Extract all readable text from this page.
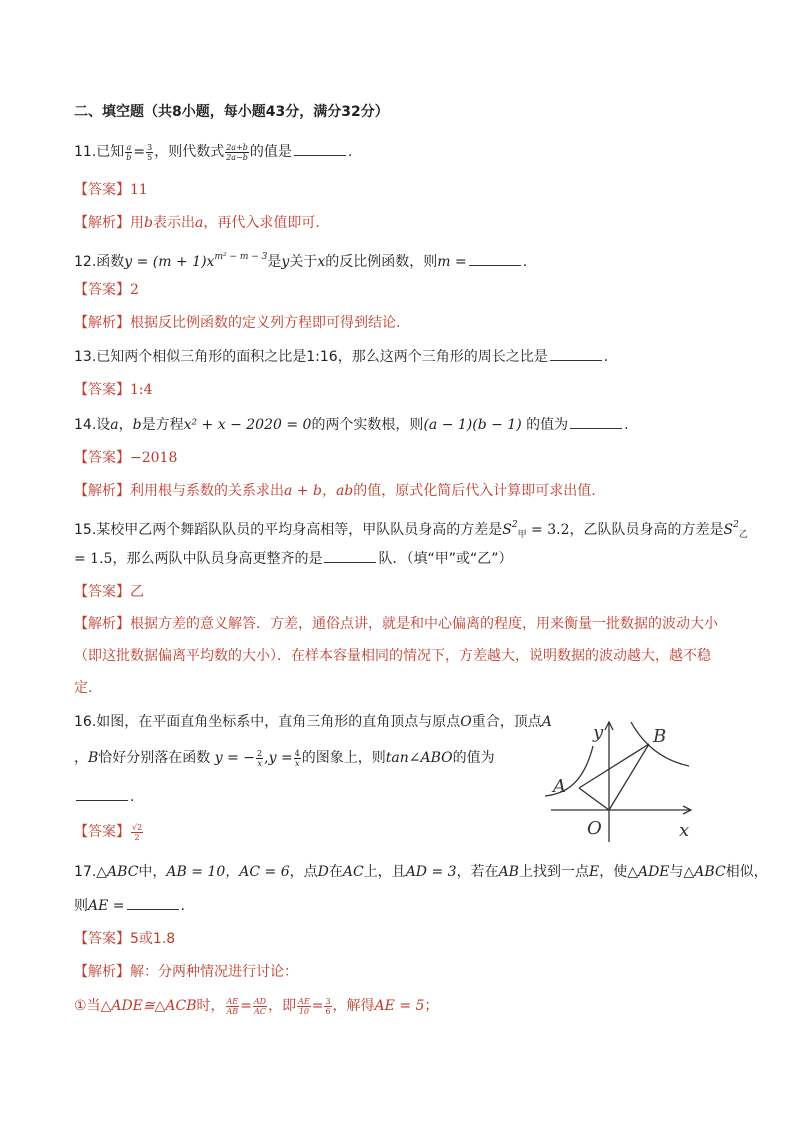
二、填空题（共8小题，每小题43分，满分32分）
11.已知 $\frac{a}{b} = \frac{3}{5}$ ，则代数式 $\frac{2a+b}{2a-b}$ 的值是	.
【答案】11
【解析】用b表示出a，再代入求值即可.
12.函数$y = (m + 1)x^{m^2 - m - 3}$是y关于x的反比例函数，则m =	.
【答案】2
【解析】根据反比例函数的定义列方程即可得到结论.
13.已知两个相似三角形的面积之比是1:16，那么这两个三角形的周长之比是	.
【答案】1:4
14.设a，b是方程x² + x − 2020 = 0的两个实数根，则(a − 1)(b − 1) 的值为	.
【答案】−2018
【解析】利用根与系数的关系求出a + b，ab的值，原式化简后代入计算即可求出值.
15.某校甲乙两个舞蹈队队员的平均身高相等，甲队队员身高的方差是$S^2_甲 = 3.2$，乙队队员身高的方差是$S^2_乙$
= 1.5，那么两队中队员身高更整齐的是	队．（填“甲”或“乙”）
【答案】乙
【解析】根据方差的意义解答．方差，通俗点讲，就是和中心偏离的程度，用来衡量一批数据的波动大小
（即这批数据偏离平均数的大小）．在样本容量相同的情况下，方差越大，说明数据的波动越大，越不稳
定．
16.如图，在平面直角坐标系中，直角三角形的直角顶点与原点O重合，顶点A
，B恰好分别落在函数 y = − $\frac{2}{x} ,y = \frac{4}{x}$ 的图象上，则tan∠ABO的值为
.
【答案】 $\frac{√2}{2}$
y
x
O
A
B
17.△ABC中，AB = 10，AC = 6，点D在AC上，且AD = 3，若在AB上找到一点E，使△ADE与△ABC相似，
则AE =	.
【答案】5或1.8
【解析】解：分两种情况进行讨论：
①当△ADE≅△ACB时， $\frac{AE}{AB} = \frac{AD}{AC}$ ，即 $\frac{AE}{10} = \frac{3}{6}$ ，解得AE = 5；
